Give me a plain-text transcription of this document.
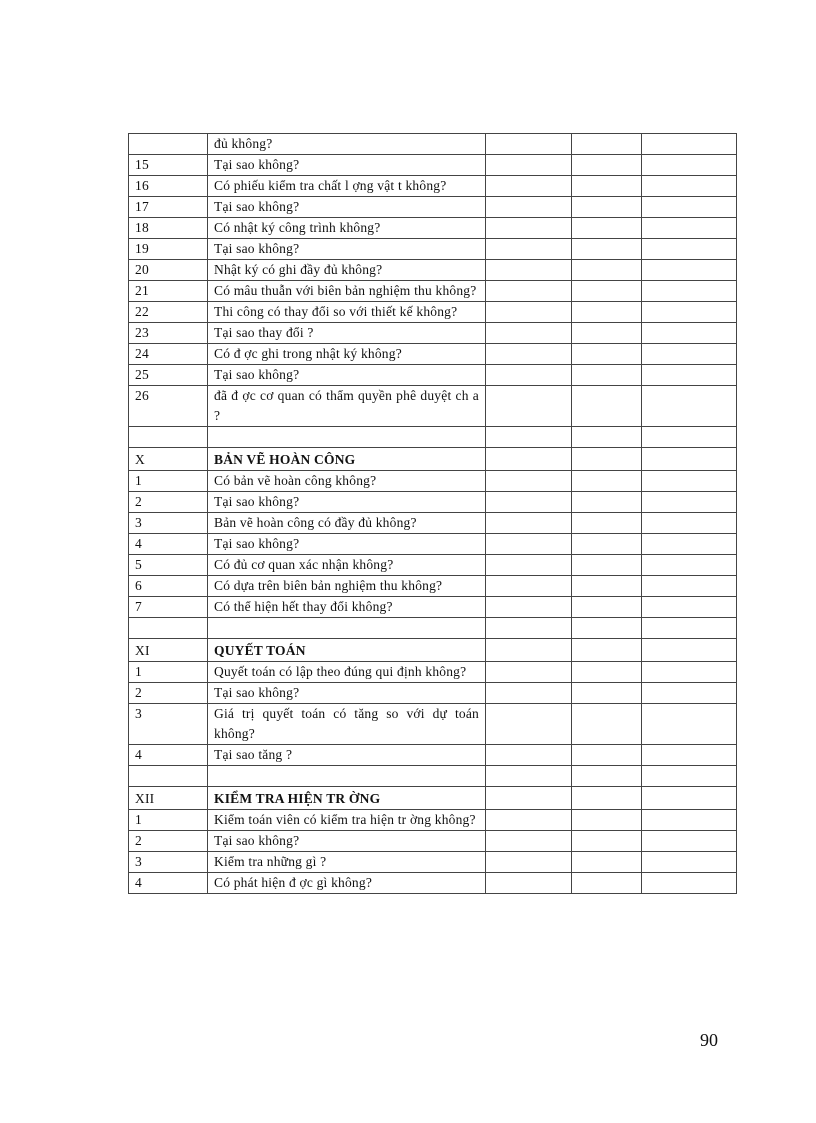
	đủ không?			
15	Tại sao không?			
16	Có phiếu kiểm tra chất l ợng vật t không?			
17	Tại sao không?			
18	Có nhật ký công trình không?			
19	Tại sao không?			
20	Nhật ký có ghi đầy đủ không?			
21	Có mâu thuẫn với biên bản nghiệm thu không?			
22	Thi công có thay đổi so với thiết kế không?			
23	Tại sao thay đổi ?			
24	Có đ ợc ghi trong nhật ký không?			
25	Tại sao không?			
26	đã đ ợc cơ quan có thẩm quyền phê duyệt ch a ?			

X	BẢN VẼ HOÀN CÔNG			
1	Có bản vẽ hoàn công không?			
2	Tại sao không?			
3	Bản vẽ hoàn công có đầy đủ không?			
4	Tại sao không?			
5	Có đủ cơ quan xác nhận không?			
6	Có dựa trên biên bản nghiệm thu không?			
7	Có thể hiện hết thay đổi không?			

XI	QUYẾT TOÁN			
1	Quyết toán có lập theo đúng qui định không?			
2	Tại sao không?			
3	Giá trị quyết toán có tăng so với dự toán không?			
4	Tại sao tăng ?			

XII	KIỂM TRA HIỆN TR ỜNG			
1	Kiểm toán viên có kiểm tra hiện tr ờng không?			
2	Tại sao không?			
3	Kiểm tra những gì ?			
4	Có phát hiện đ ợc gì không?			
90
